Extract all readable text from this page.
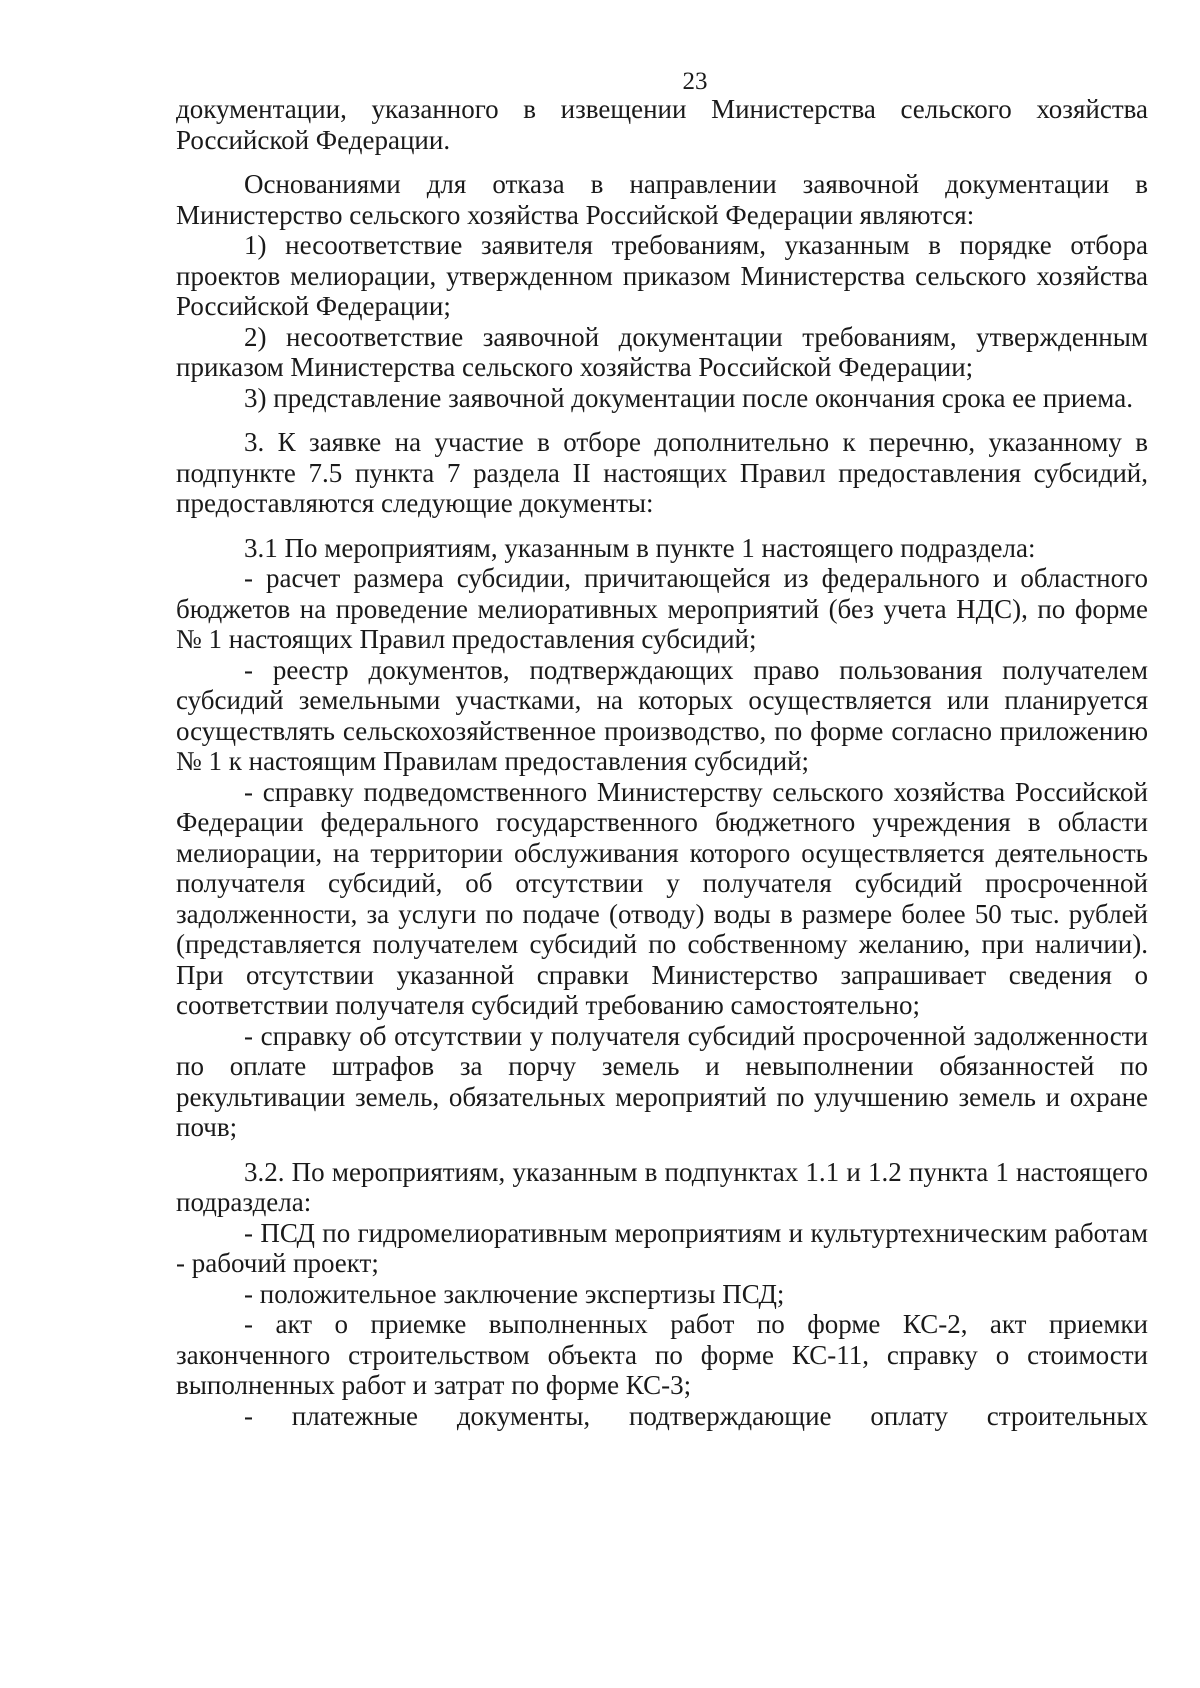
23

документации, указанного в извещении Министерства сельского хозяйства Российской Федерации.

Основаниями для отказа в направлении заявочной документации в Министерство сельского хозяйства Российской Федерации являются:

1) несоответствие заявителя требованиям, указанным в порядке отбора проектов мелиорации, утвержденном приказом Министерства сельского хозяйства Российской Федерации;

2) несоответствие заявочной документации требованиям, утвержденным приказом Министерства сельского хозяйства Российской Федерации;

3) представление заявочной документации после окончания срока ее приема.

3. К заявке на участие в отборе дополнительно к перечню, указанному в подпункте 7.5 пункта 7 раздела II настоящих Правил предоставления субсидий, предоставляются следующие документы:

3.1 По мероприятиям, указанным в пункте 1 настоящего подраздела:

- расчет размера субсидии, причитающейся из федерального и областного бюджетов на проведение мелиоративных мероприятий (без учета НДС), по форме № 1 настоящих Правил предоставления субсидий;

- реестр документов, подтверждающих право пользования получателем субсидий земельными участками, на которых осуществляется или планируется осуществлять сельскохозяйственное производство, по форме согласно приложению № 1 к настоящим Правилам предоставления субсидий;

- справку подведомственного Министерству сельского хозяйства Российской Федерации федерального государственного бюджетного учреждения в области мелиорации, на территории обслуживания которого осуществляется деятельность получателя субсидий, об отсутствии у получателя субсидий просроченной задолженности, за услуги по подаче (отводу) воды в размере более 50 тыс. рублей (представляется получателем субсидий по собственному желанию, при наличии). При отсутствии указанной справки Министерство запрашивает сведения о соответствии получателя субсидий требованию самостоятельно;

- справку об отсутствии у получателя субсидий просроченной задолженности по оплате штрафов за порчу земель и невыполнении обязанностей по рекультивации земель, обязательных мероприятий по улучшению земель и охране почв;

3.2. По мероприятиям, указанным в подпунктах 1.1 и 1.2 пункта 1 настоящего подраздела:

- ПСД по гидромелиоративным мероприятиям и культуртехническим работам - рабочий проект;

- положительное заключение экспертизы ПСД;

- акт о приемке выполненных работ по форме КС-2, акт приемки законченного строительством объекта по форме КС-11, справку о стоимости выполненных работ и затрат по форме КС-3;

- платежные документы, подтверждающие оплату строительных
